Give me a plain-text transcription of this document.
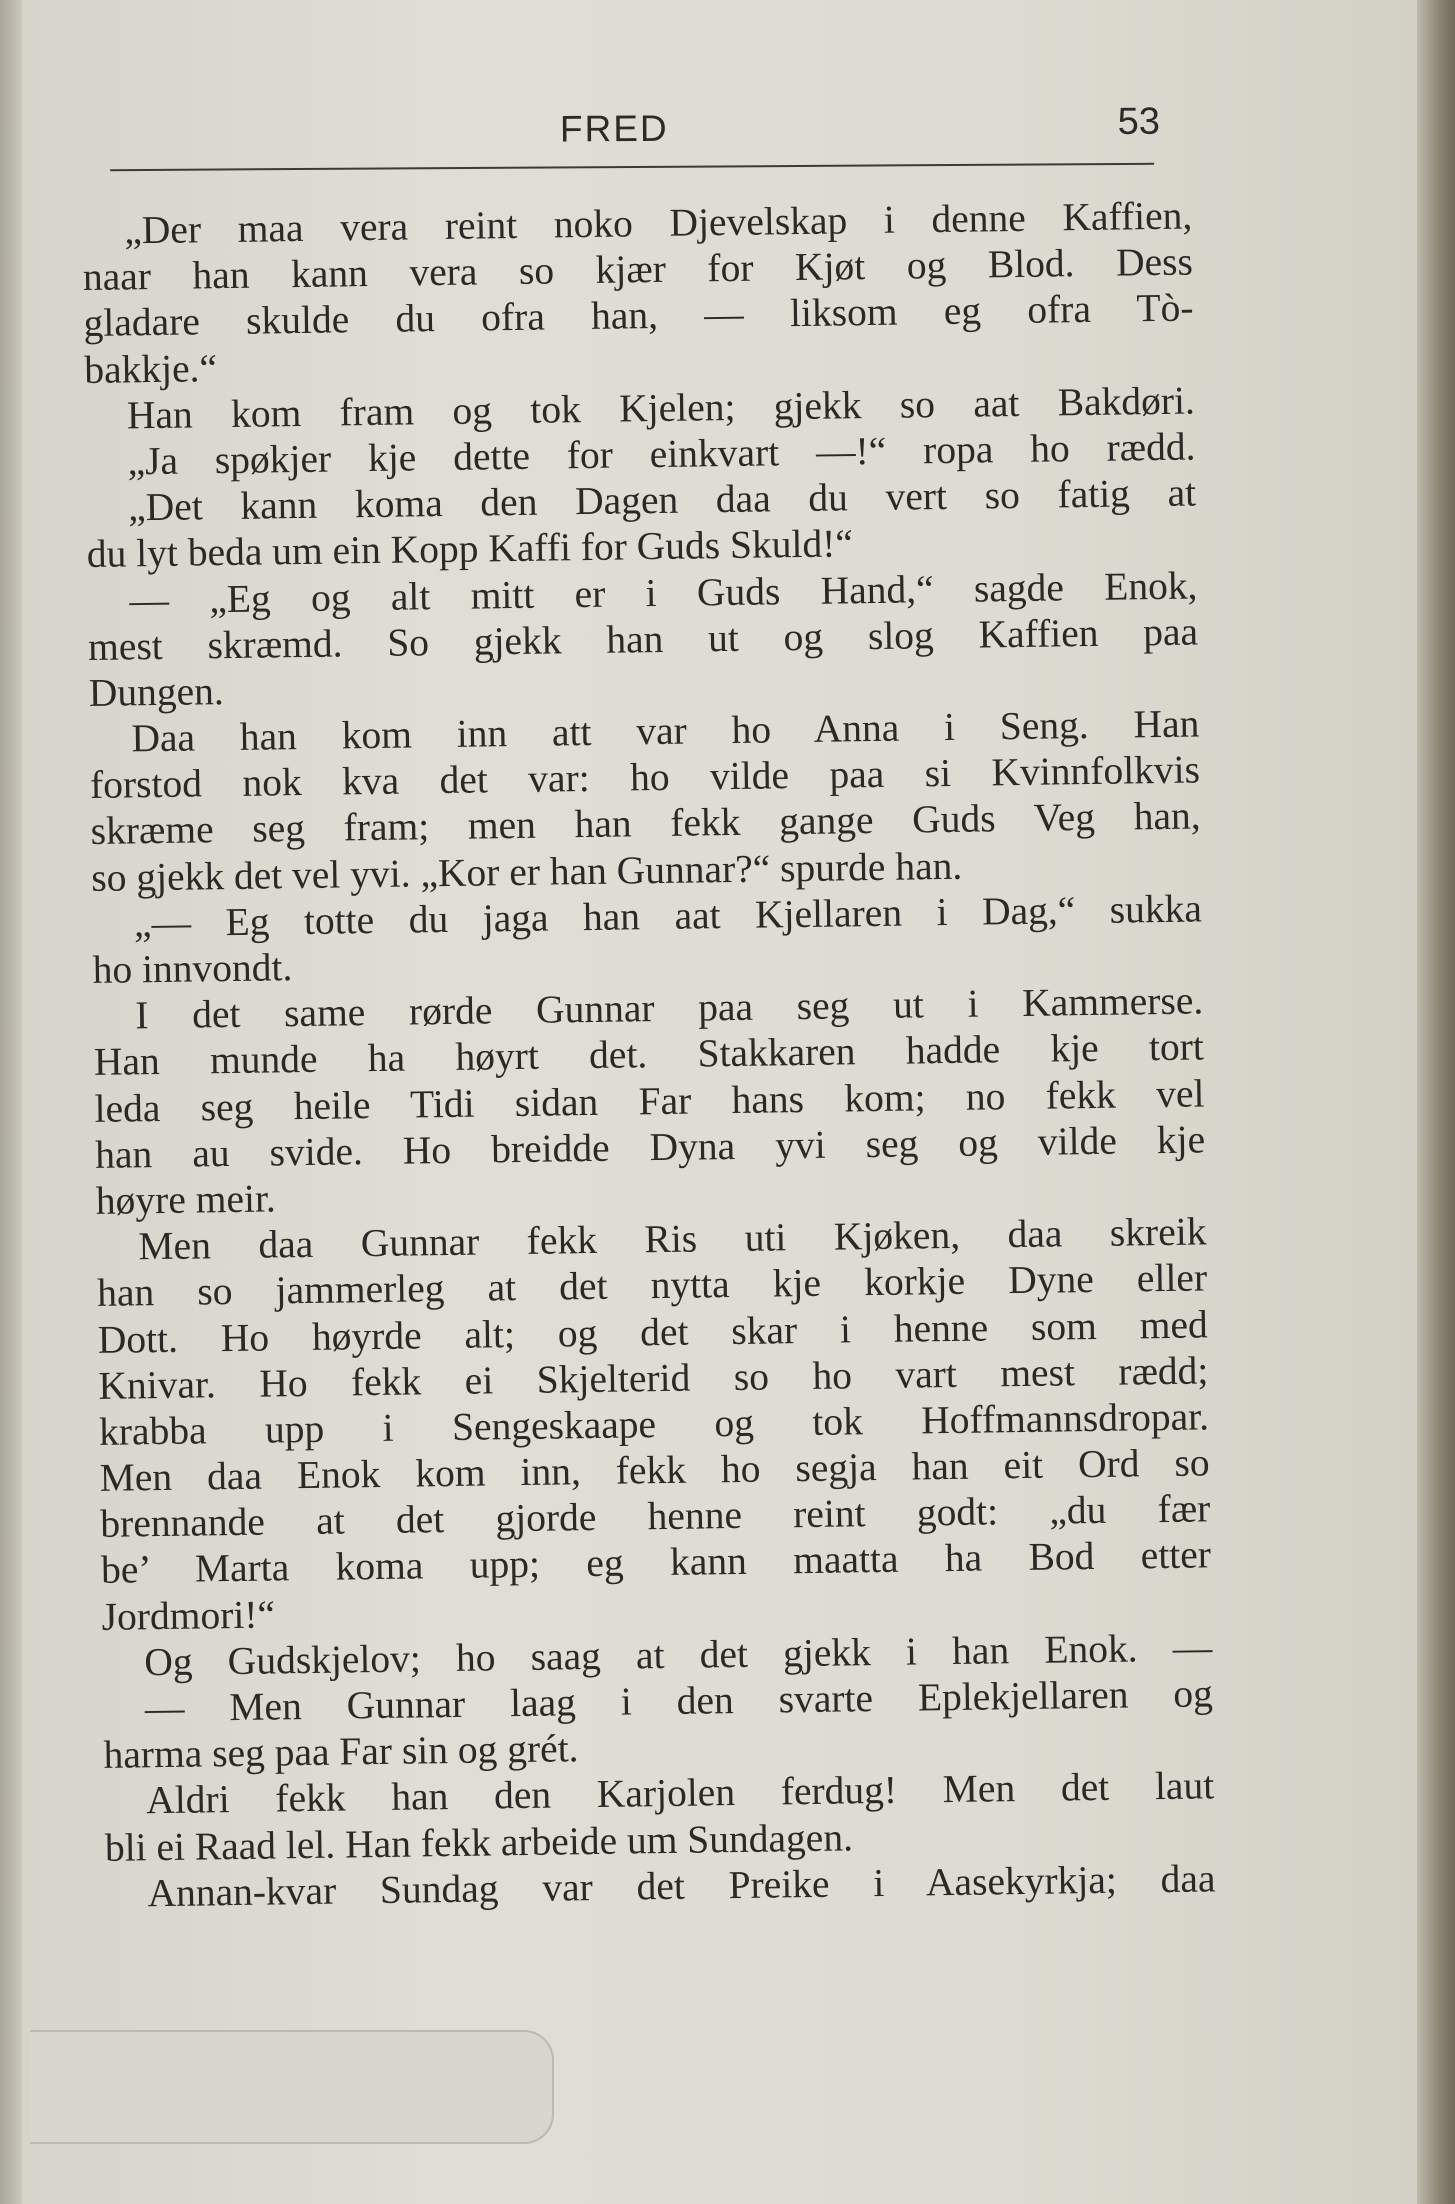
FRED	53
„Der maa vera reint noko Djevelskap i denne Kaffien,
naar han kann vera so kjær for Kjøt og Blod. Dess
gladare skulde du ofra han, — liksom eg ofra Tò-
bakkje.“
Han kom fram og tok Kjelen; gjekk so aat Bakdøri.
„Ja spøkjer kje dette for einkvart —!“ ropa ho rædd.
„Det kann koma den Dagen daa du vert so fatig at
du lyt beda um ein Kopp Kaffi for Guds Skuld!“
— „Eg og alt mitt er i Guds Hand,“ sagde Enok,
mest skræmd. So gjekk han ut og slog Kaffien paa
Dungen.
Daa han kom inn att var ho Anna i Seng. Han
forstod nok kva det var: ho vilde paa si Kvinnfolkvis
skræme seg fram; men han fekk gange Guds Veg han,
so gjekk det vel yvi. „Kor er han Gunnar?“ spurde han.
„— Eg totte du jaga han aat Kjellaren i Dag,“ sukka
ho innvondt.
I det same rørde Gunnar paa seg ut i Kammerse.
Han munde ha høyrt det. Stakkaren hadde kje tort
leda seg heile Tidi sidan Far hans kom; no fekk vel
han au svide. Ho breidde Dyna yvi seg og vilde kje
høyre meir.
Men daa Gunnar fekk Ris uti Kjøken, daa skreik
han so jammerleg at det nytta kje korkje Dyne eller
Dott. Ho høyrde alt; og det skar i henne som med
Knivar. Ho fekk ei Skjelterid so ho vart mest rædd;
krabba upp i Sengeskaape og tok Hoffmannsdropar.
Men daa Enok kom inn, fekk ho segja han eit Ord so
brennande at det gjorde henne reint godt: „du fær
be’ Marta koma upp; eg kann maatta ha Bod etter
Jordmori!“
Og Gudskjelov; ho saag at det gjekk i han Enok. —
— Men Gunnar laag i den svarte Eplekjellaren og
harma seg paa Far sin og grét.
Aldri fekk han den Karjolen ferdug! Men det laut
bli ei Raad lel. Han fekk arbeide um Sundagen.
Annan-kvar Sundag var det Preike i Aasekyrkja; daa
